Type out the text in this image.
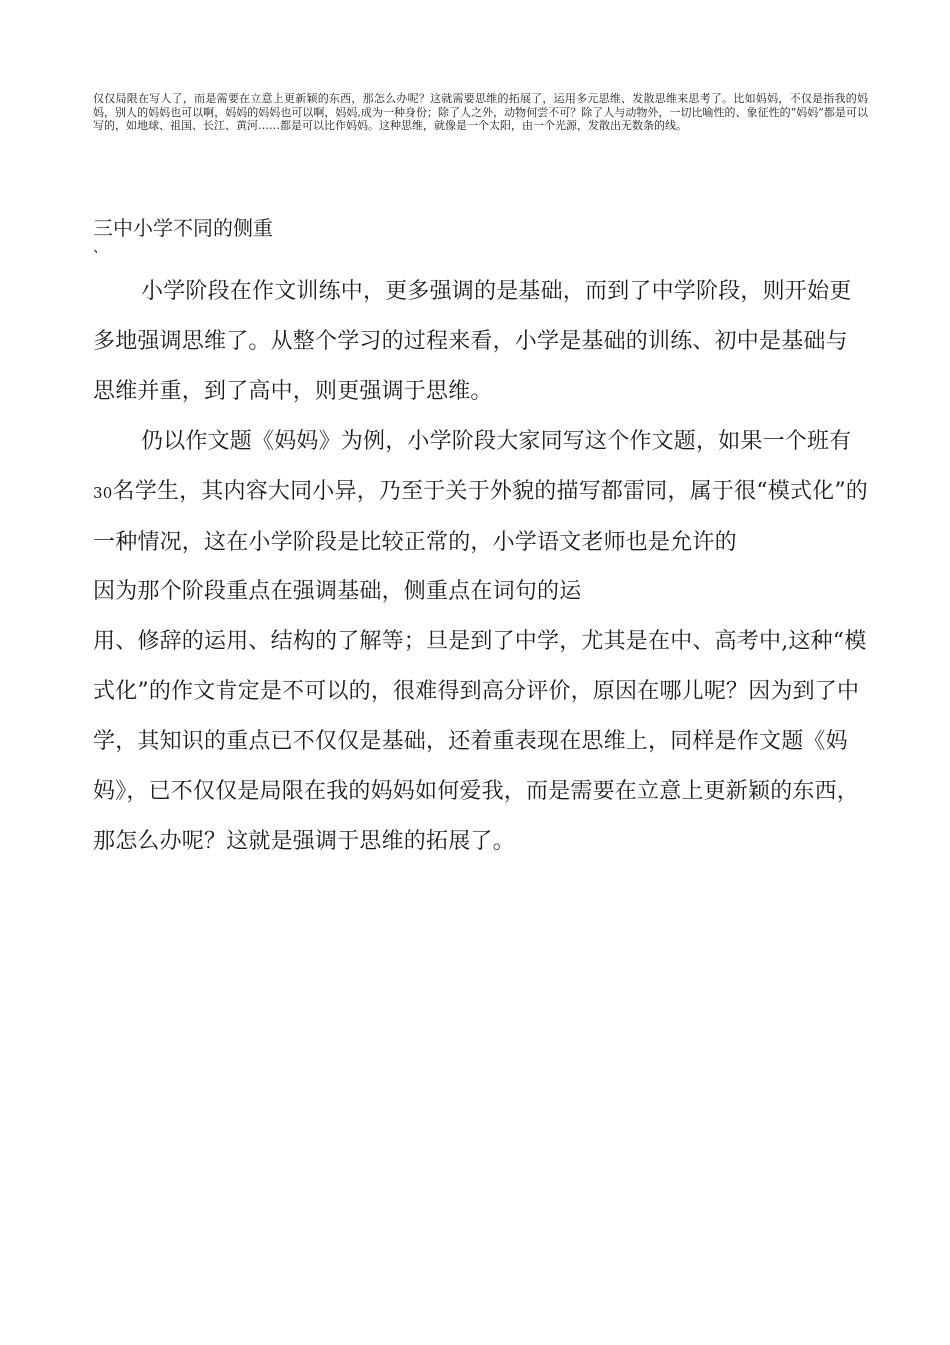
仅仅局限在写人了，而是需要在立意上更新颖的东西，那怎么办呢？这就需要思维的拓展了，运用多元思维、发散思维来思考了。比如妈妈，不仅是指我的妈妈，别人的妈妈也可以啊，妈妈的妈妈也可以啊，妈妈,成为一种身份；除了人之外，动物何尝不可？除了人与动物外，一切比喻性的、象征性的“妈妈”都是可以写的，如地球、祖国、长江、黄河……都是可以比作妈妈。这种思维，就像是一个太阳，由一个光源，发散出无数条的线。

三中小学不同的侧重
、

小学阶段在作文训练中，更多强调的是基础，而到了中学阶段，则开始更多地强调思维了。从整个学习的过程来看，小学是基础的训练、初中是基础与思维并重，到了高中，则更强调于思维。

仍以作文题《妈妈》为例，小学阶段大家同写这个作文题，如果一个班有30名学生，其内容大同小异，乃至于关于外貌的描写都雷同，属于很“模式化”的一种情况，这在小学阶段是比较正常的，小学语文老师也是允许的

因为那个阶段重点在强调基础，侧重点在词句的运

用、修辞的运用、结构的了解等；旦是到了中学，尤其是在中、高考中,这种“模式化”的作文肯定是不可以的，很难得到高分评价，原因在哪儿呢？因为到了中学，其知识的重点已不仅仅是基础，还着重表现在思维上，同样是作文题《妈妈》，已不仅仅是局限在我的妈妈如何爱我，而是需要在立意上更新颖的东西，那怎么办呢？这就是强调于思维的拓展了。
